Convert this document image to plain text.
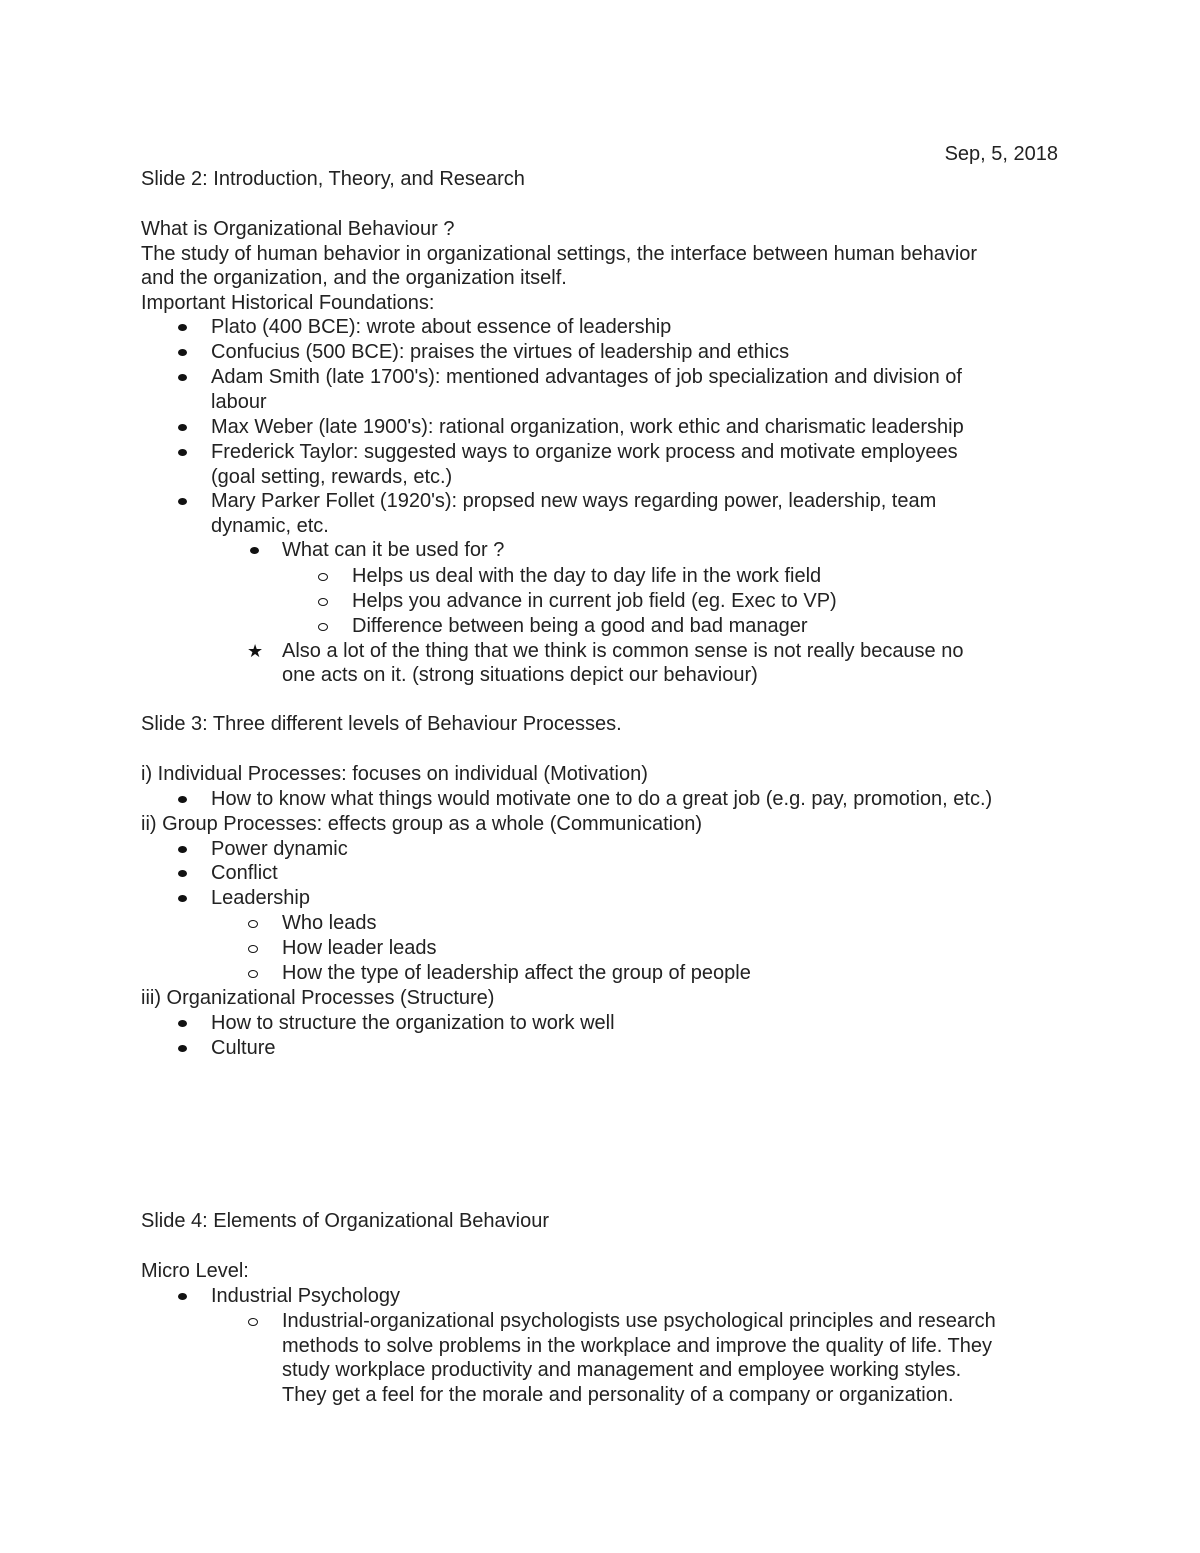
Sep, 5, 2018
Slide 2: Introduction, Theory, and Research
What is Organizational Behaviour ?
The study of human behavior in organizational settings, the interface between human behavior
and the organization, and the organization itself.
Important Historical Foundations:
Plato (400 BCE): wrote about essence of leadership
Confucius (500 BCE): praises the virtues of leadership and ethics
Adam Smith (late 1700's): mentioned advantages of job specialization and division of
labour
Max Weber (late 1900's): rational organization, work ethic and charismatic leadership
Frederick Taylor: suggested ways to organize work process and motivate employees
(goal setting, rewards, etc.)
Mary Parker Follet (1920's): propsed new ways regarding power, leadership, team
dynamic, etc.
What can it be used for ?
Helps us deal with the day to day life in the work field
Helps you advance in current job field (eg. Exec to VP)
Difference between being a good and bad manager
★ Also a lot of the thing that we think is common sense is not really because no
one acts on it. (strong situations depict our behaviour)
Slide 3: Three different levels of Behaviour Processes.
i) Individual Processes: focuses on individual (Motivation)
How to know what things would motivate one to do a great job (e.g. pay, promotion, etc.)
ii) Group Processes: effects group as a whole (Communication)
Power dynamic
Conflict
Leadership
Who leads
How leader leads
How the type of leadership affect the group of people
iii) Organizational Processes (Structure)
How to structure the organization to work well
Culture
Slide 4: Elements of Organizational Behaviour
Micro Level:
Industrial Psychology
Industrial-organizational psychologists use psychological principles and research
methods to solve problems in the workplace and improve the quality of life. They
study workplace productivity and management and employee working styles.
They get a feel for the morale and personality of a company or organization.
